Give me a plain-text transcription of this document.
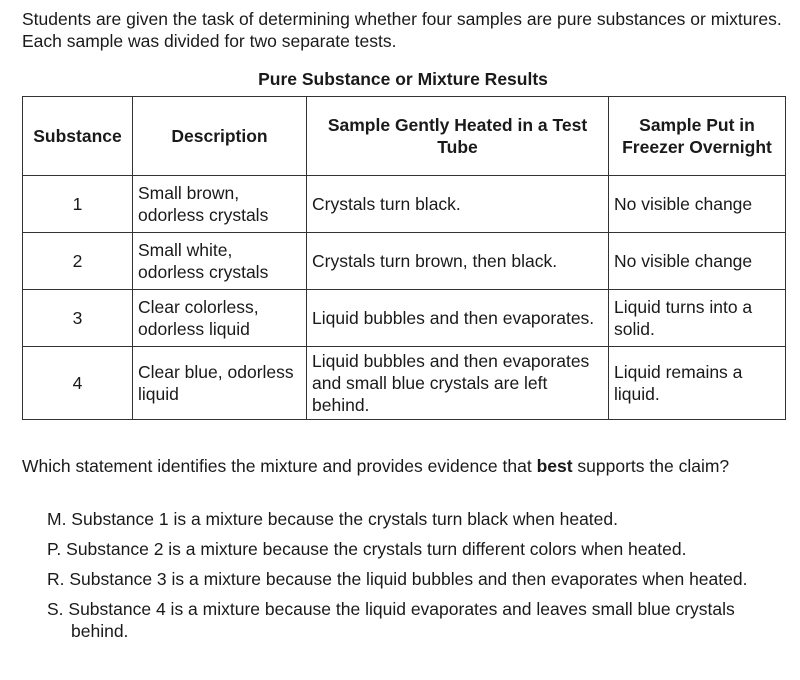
Students are given the task of determining whether four samples are pure substances or mixtures. Each sample was divided for two separate tests.

Pure Substance or Mixture Results

Substance	Description	Sample Gently Heated in a Test Tube	Sample Put in Freezer Overnight
1	Small brown, odorless crystals	Crystals turn black.	No visible change
2	Small white, odorless crystals	Crystals turn brown, then black.	No visible change
3	Clear colorless, odorless liquid	Liquid bubbles and then evaporates.	Liquid turns into a solid.
4	Clear blue, odorless liquid	Liquid bubbles and then evaporates and small blue crystals are left behind.	Liquid remains a liquid.

Which statement identifies the mixture and provides evidence that best supports the claim?

M. Substance 1 is a mixture because the crystals turn black when heated.
P. Substance 2 is a mixture because the crystals turn different colors when heated.
R. Substance 3 is a mixture because the liquid bubbles and then evaporates when heated.
S. Substance 4 is a mixture because the liquid evaporates and leaves small blue crystals behind.
